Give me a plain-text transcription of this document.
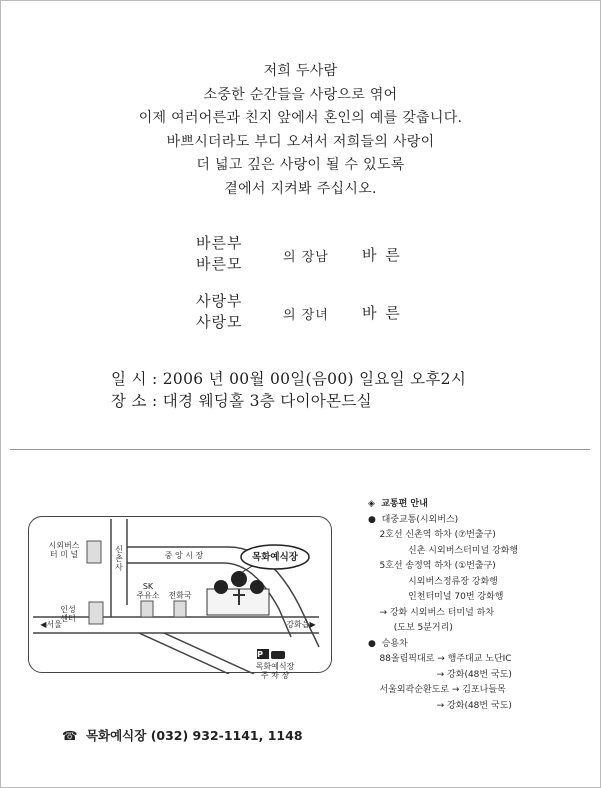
저희 두사람
소중한 순간들을 사랑으로 엮어
이제 여러어른과 친지 앞에서 혼인의 예를 갖춥니다.
바쁘시더라도 부디 오셔서 저희들의 사랑이
더 넓고 깊은 사랑이 될 수 있도록
곁에서 지켜봐 주십시오.
바른부
바른모	의 장남 바 른
사랑부
사랑모	의 장녀 바 른
일 시 : 2006 년 00월 00일(음00) 일요일 오후2시
장 소 : 대경 웨딩홀 3층 다이아몬드실
시외버스
터 미 널
신
촌
사
중 앙 시 장	목화예식장
SK
주유소	전화국
인성
센터
◀서울	강화읍▶
P
목화예식장
주 차 장
☎ 목화예식장 (032) 932-1141, 1148
◈  교통편 안내
●  대중교통(시외버스)
2호선 신촌역 하차 (⑦번출구)
신촌 시외버스터미널 강화행
5호선 송정역 하차 (①번출구)
시외버스정류장 강화행
인천터미널 70번 강화행
→ 강화 시외버스 터미널 하차
(도보 5분거리)
●  승용차
88올림픽대로 → 행주대교 노단IC
→ 강화(48번 국도)
서울외곽순환도로 → 김포나들목
→ 강화(48번 국도)
